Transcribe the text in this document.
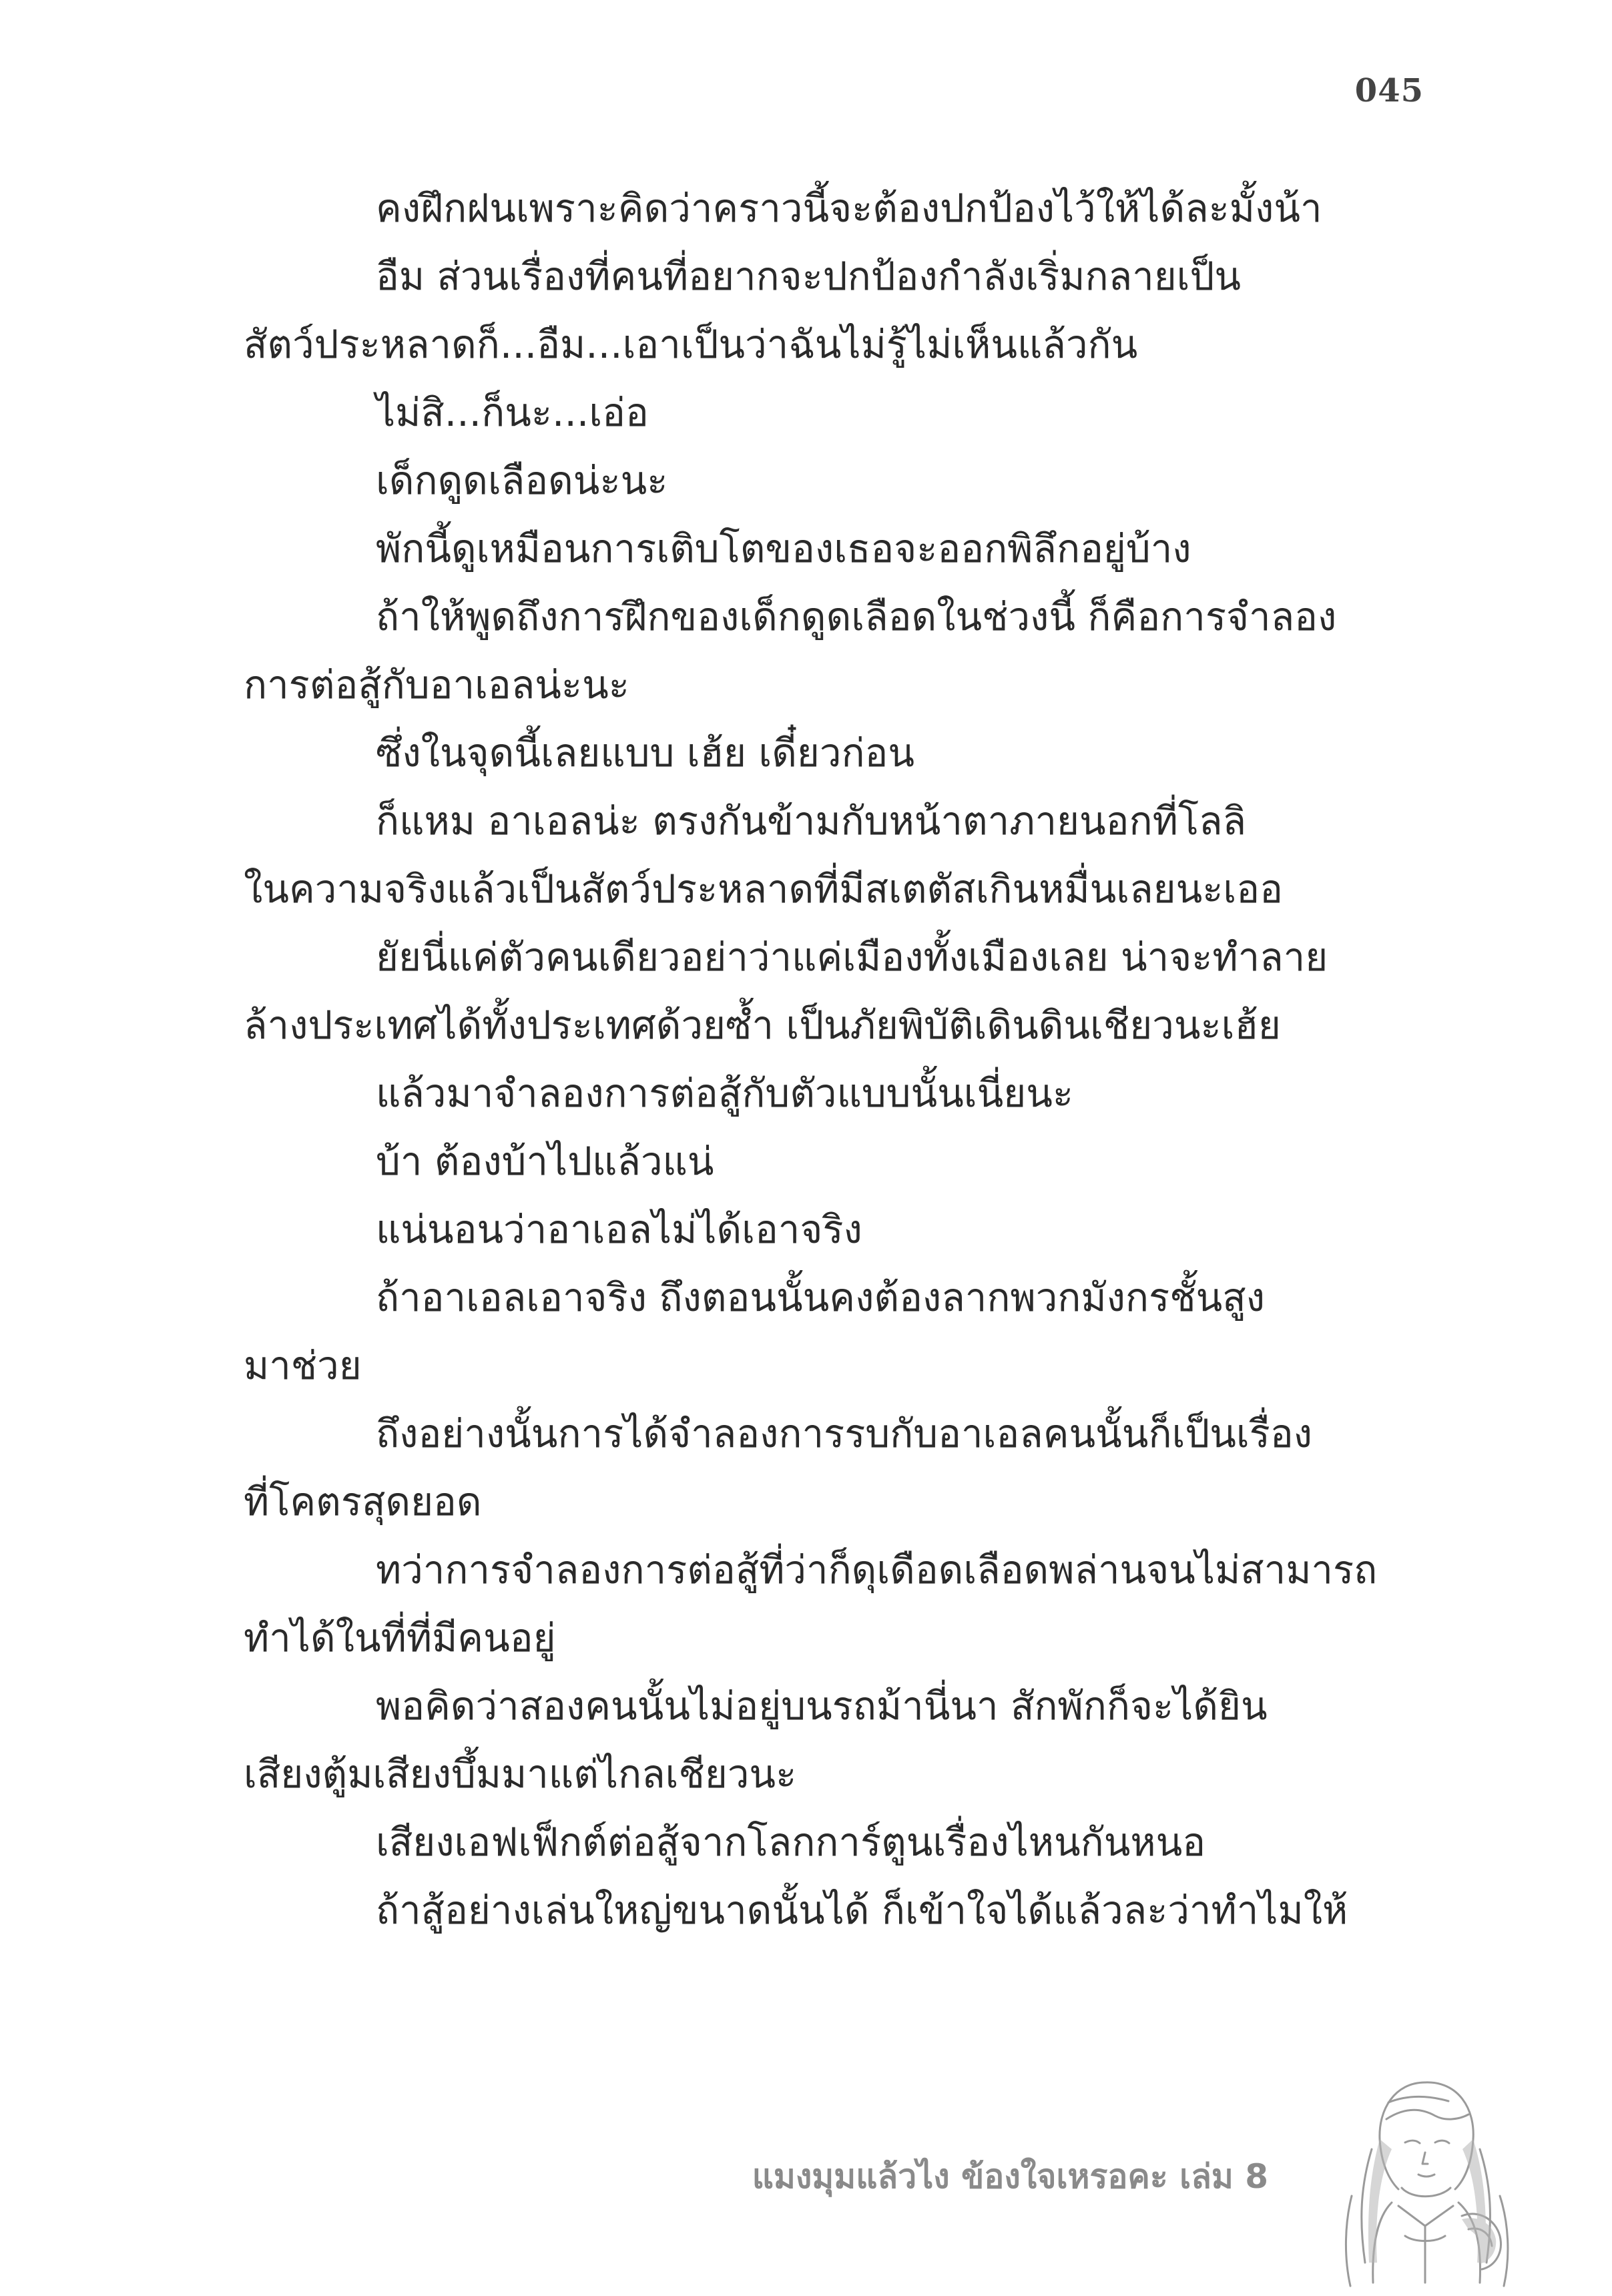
045
คงฝึกฝนเพราะคิดว่าคราวนี้จะต้องปกป้องไว้ให้ได้ละมั้งน้า
อืม ส่วนเรื่องที่คนที่อยากจะปกป้องกำลังเริ่มกลายเป็น
สัตว์ประหลาดก็...อืม...เอาเป็นว่าฉันไม่รู้ไม่เห็นแล้วกัน
ไม่สิ...ก็นะ...เอ่อ
เด็กดูดเลือดน่ะนะ
พักนี้ดูเหมือนการเติบโตของเธอจะออกพิลึกอยู่บ้าง
ถ้าให้พูดถึงการฝึกของเด็กดูดเลือดในช่วงนี้ ก็คือการจำลอง
การต่อสู้กับอาเอลน่ะนะ
ซึ่งในจุดนี้เลยแบบ เฮ้ย เดี๋ยวก่อน
ก็แหม อาเอลน่ะ ตรงกันข้ามกับหน้าตาภายนอกที่โลลิ
ในความจริงแล้วเป็นสัตว์ประหลาดที่มีสเตตัสเกินหมื่นเลยนะเออ
ยัยนี่แค่ตัวคนเดียวอย่าว่าแค่เมืองทั้งเมืองเลย น่าจะทำลาย
ล้างประเทศได้ทั้งประเทศด้วยซ้ำ เป็นภัยพิบัติเดินดินเชียวนะเฮ้ย
แล้วมาจำลองการต่อสู้กับตัวแบบนั้นเนี่ยนะ
บ้า ต้องบ้าไปแล้วแน่
แน่นอนว่าอาเอลไม่ได้เอาจริง
ถ้าอาเอลเอาจริง ถึงตอนนั้นคงต้องลากพวกมังกรชั้นสูง
มาช่วย
ถึงอย่างนั้นการได้จำลองการรบกับอาเอลคนนั้นก็เป็นเรื่อง
ที่โคตรสุดยอด
ทว่าการจำลองการต่อสู้ที่ว่าก็ดุเดือดเลือดพล่านจนไม่สามารถ
ทำได้ในที่ที่มีคนอยู่
พอคิดว่าสองคนนั้นไม่อยู่บนรถม้านี่นา สักพักก็จะได้ยิน
เสียงตู้มเสียงบึ้มมาแต่ไกลเชียวนะ
เสียงเอฟเฟ็กต์ต่อสู้จากโลกการ์ตูนเรื่องไหนกันหนอ
ถ้าสู้อย่างเล่นใหญ่ขนาดนั้นได้ ก็เข้าใจได้แล้วละว่าทำไมให้
แมงมุมแล้วไง ข้องใจเหรอคะ เล่ม 8
